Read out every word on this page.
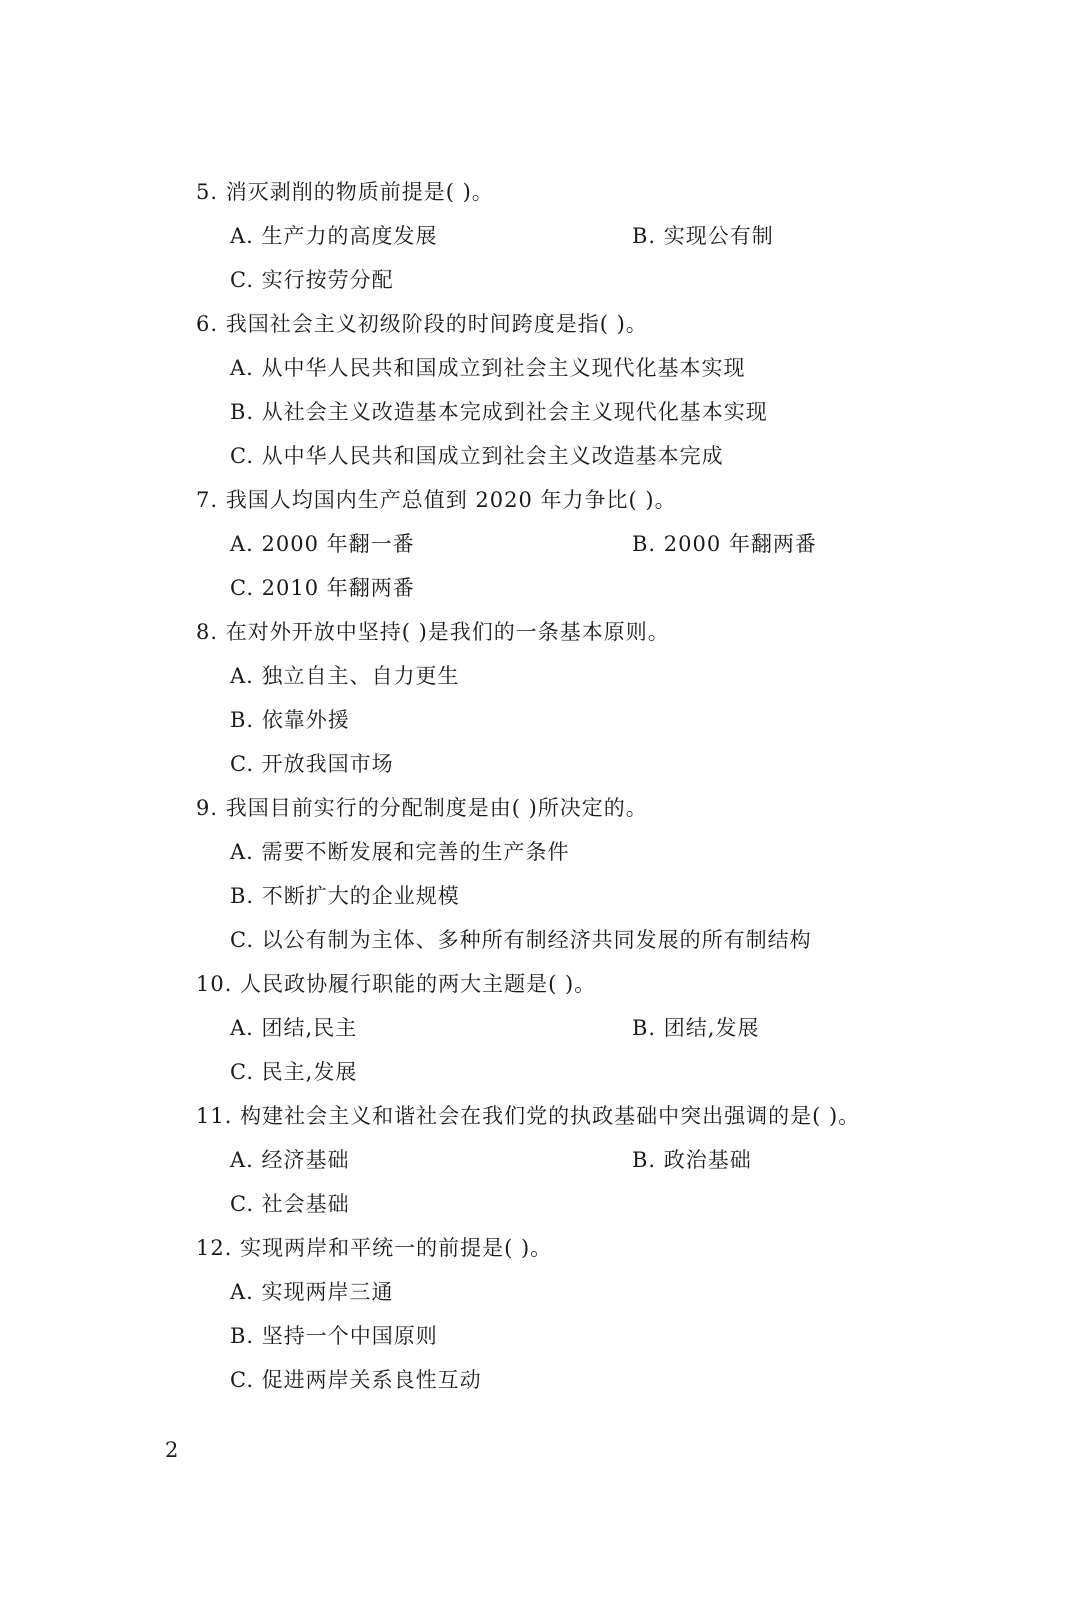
5. 消灭剥削的物质前提是( )。
A. 生产力的高度发展	B. 实现公有制
C. 实行按劳分配
6. 我国社会主义初级阶段的时间跨度是指( )。
A. 从中华人民共和国成立到社会主义现代化基本实现
B. 从社会主义改造基本完成到社会主义现代化基本实现
C. 从中华人民共和国成立到社会主义改造基本完成
7. 我国人均国内生产总值到 2020 年力争比( )。
A. 2000 年翻一番	B. 2000 年翻两番
C. 2010 年翻两番
8. 在对外开放中坚持( )是我们的一条基本原则。
A. 独立自主、自力更生
B. 依靠外援
C. 开放我国市场
9. 我国目前实行的分配制度是由( )所决定的。
A. 需要不断发展和完善的生产条件
B. 不断扩大的企业规模
C. 以公有制为主体、多种所有制经济共同发展的所有制结构
10. 人民政协履行职能的两大主题是( )。
A. 团结,民主	B. 团结,发展
C. 民主,发展
11. 构建社会主义和谐社会在我们党的执政基础中突出强调的是( )。
A. 经济基础	B. 政治基础
C. 社会基础
12. 实现两岸和平统一的前提是( )。
A. 实现两岸三通
B. 坚持一个中国原则
C. 促进两岸关系良性互动
2
